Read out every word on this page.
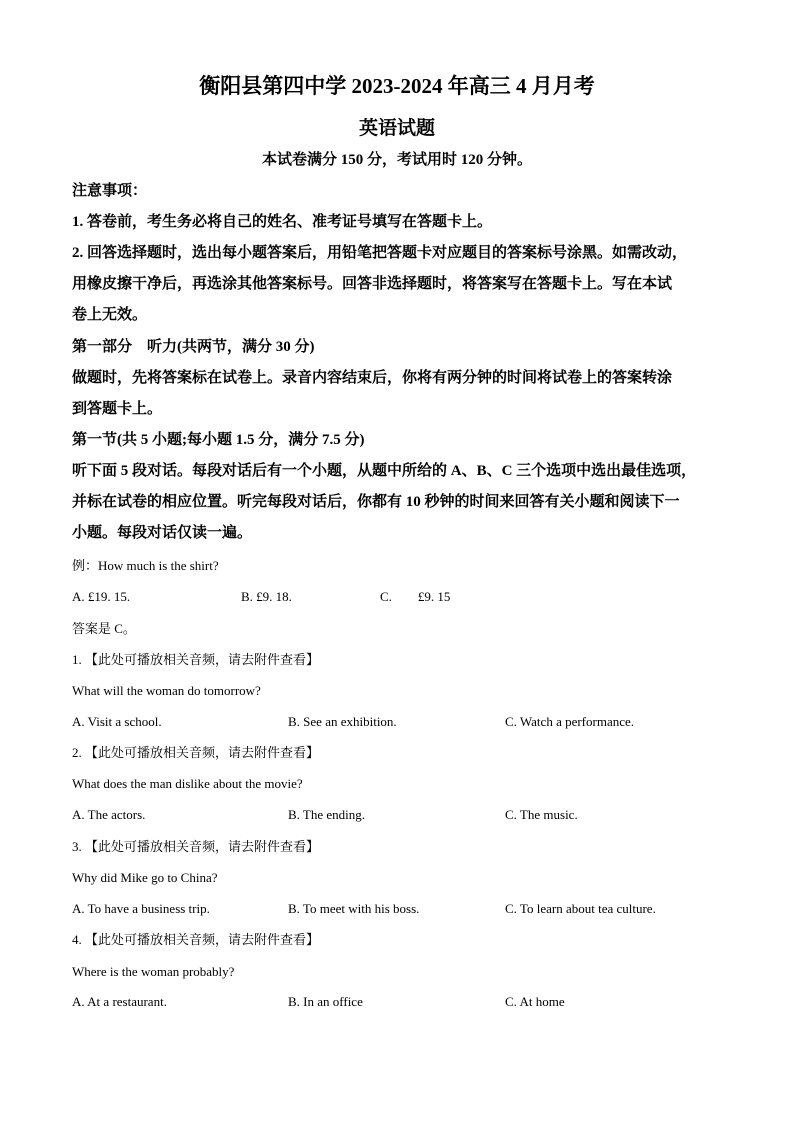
衡阳县第四中学 2023-2024 年高三 4 月月考
英语试题
本试卷满分 150 分，考试用时 120 分钟。
注意事项：
1. 答卷前，考生务必将自己的姓名、准考证号填写在答题卡上。
2. 回答选择题时，选出每小题答案后，用铅笔把答题卡对应题目的答案标号涂黑。如需改动，
用橡皮擦干净后，再选涂其他答案标号。回答非选择题时，将答案写在答题卡上。写在本试
卷上无效。
第一部分　听力(共两节，满分 30 分)
做题时，先将答案标在试卷上。录音内容结束后，你将有两分钟的时间将试卷上的答案转涂
到答题卡上。
第一节(共 5 小题;每小题 1.5 分，满分 7.5 分)
听下面 5 段对话。每段对话后有一个小题，从题中所给的 A、B、C 三个选项中选出最佳选项，
并标在试卷的相应位置。听完每段对话后，你都有 10 秒钟的时间来回答有关小题和阅读下一
小题。每段对话仅读一遍。
例：How much is the shirt?
A. £19. 15.	B. £9. 18.	C.　　£9. 15
答案是 C。
1. 【此处可播放相关音频，请去附件查看】
What will the woman do tomorrow?
A. Visit a school.	B. See an exhibition.	C. Watch a performance.
2. 【此处可播放相关音频，请去附件查看】
What does the man dislike about the movie?
A. The actors.	B. The ending.	C. The music.
3. 【此处可播放相关音频，请去附件查看】
Why did Mike go to China?
A. To have a business trip.	B. To meet with his boss.	C. To learn about tea culture.
4. 【此处可播放相关音频，请去附件查看】
Where is the woman probably?
A. At a restaurant.	B. In an office	C. At home
